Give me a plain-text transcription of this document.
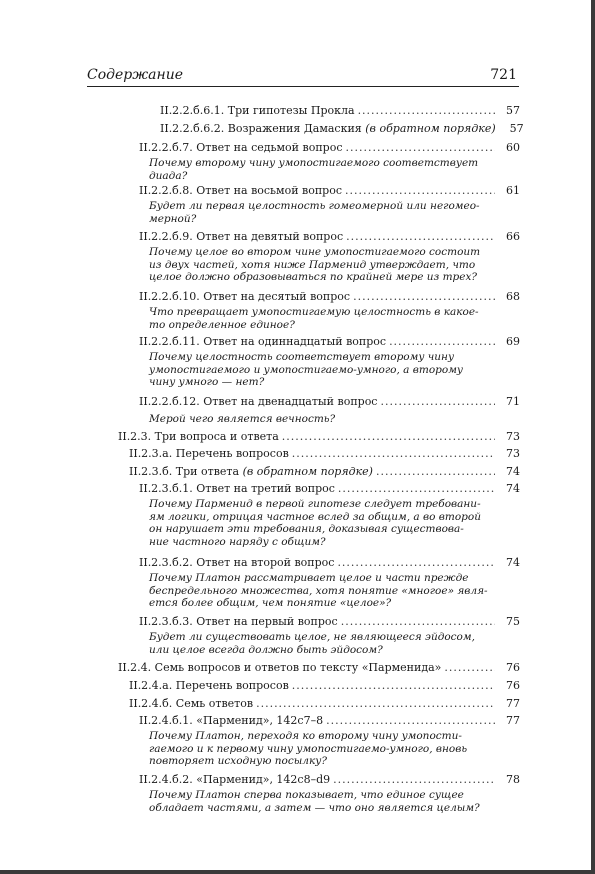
Содержание	721
II.2.2.б.6.1. Три гипотезы Прокла .....	57
II.2.2.б.6.2. Возражения Дамаския
(в обратном порядке)	57
II.2.2.б.7. Ответ на седьмой вопрос .....	60
Почему второму чину умопостигаемого соответствует
диада?
II.2.2.б.8. Ответ на восьмой вопрос .....	61
Будет ли первая целостность гомеомерной или негомео-
мерной?
II.2.2.б.9. Ответ на девятый вопрос .....	66
Почему целое во втором чине умопостигаемого состоит
из двух частей, хотя ниже Парменид утверждает, что
целое должно образовываться по крайней мере из трех?
II.2.2.б.10. Ответ на десятый вопрос .....	68
Что превращает умопостигаемую целостность в какое-
то определенное единое?
II.2.2.б.11. Ответ на одиннадцатый вопрос .....	69
Почему целостность соответствует второму чину
умопостигаемого и умопостигаемо-умного, а второму
чину умного — нет?
II.2.2.б.12. Ответ на двенадцатый вопрос .....	71
Мерой чего является вечность?
II.2.3. Три вопроса и ответа .....	73
II.2.3.а. Перечень вопросов .....	73
II.2.3.б. Три ответа
(в обратном порядке) .....	74
II.2.3.б.1. Ответ на третий вопрос .....	74
Почему Парменид в первой гипотезе следует требовани-
ям логики, отрицая частное вслед за общим, а во второй
он нарушает эти требования, доказывая существова-
ние частного наряду с общим?
II.2.3.б.2. Ответ на второй вопрос .....	74
Почему Платон рассматривает целое и части прежде
беспредельного множества, хотя понятие «многое» явля-
ется более общим, чем понятие «целое»?
II.2.3.б.3. Ответ на первый вопрос .....	75
Будет ли существовать целое, не являющееся эйдосом,
или целое всегда должно быть эйдосом?
II.2.4. Семь вопросов и ответов по тексту «Парменида» .....	76
II.2.4.а. Перечень вопросов .....	76
II.2.4.б. Семь ответов .....	77
II.2.4.б.1. «Парменид», 142с7–8 .....	77
Почему Платон, переходя ко второму чину умопости-
гаемого и к первому чину умопостигаемо-умного, вновь
повторяет исходную посылку?
II.2.4.б.2. «Парменид», 142с8–d9 .....	78
Почему Платон сперва показывает, что единое сущее
обладает частями, а затем — что оно является целым?
